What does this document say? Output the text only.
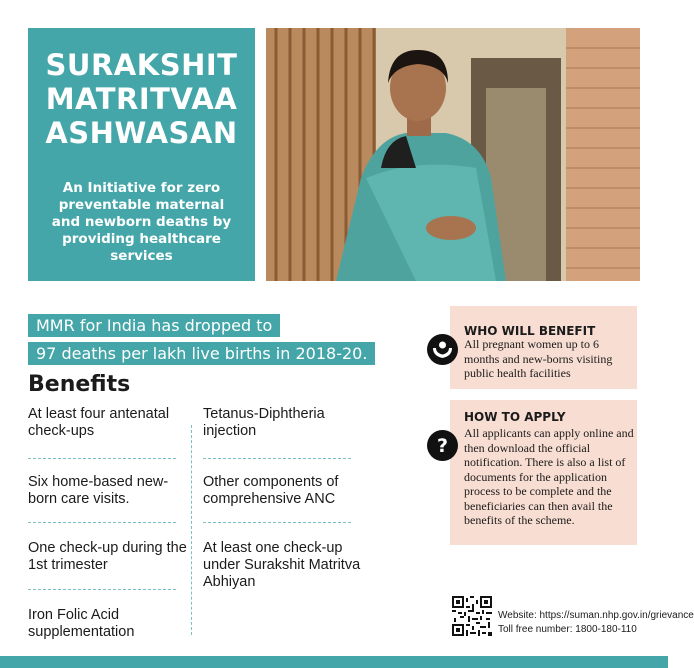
SURAKSHIT
MATRITVAA
ASHWASAN

An Initiative for zero preventable maternal and newborn deaths by providing healthcare services

MMR for India has dropped to
97 deaths per lakh live births in 2018-20.
Benefits
At least four antenatal check-ups
Six home-based new-born care visits.
One check-up during the 1st trimester
Iron Folic Acid supplementation
Tetanus-Diphtheria injection
Other components of comprehensive ANC
At least one check-up under Surakshit Matritva Abhiyan
WHO WILL BENEFIT
All pregnant women up to 6 months and new-borns visiting public health facilities
HOW TO APPLY
All applicants can apply online and then download the official notification. There is also a list of documents for the application process to be complete and the beneficiaries can then avail the benefits of the scheme.
?
Website: https://suman.nhp.gov.in/grievance
Toll free number: 1800-180-110
